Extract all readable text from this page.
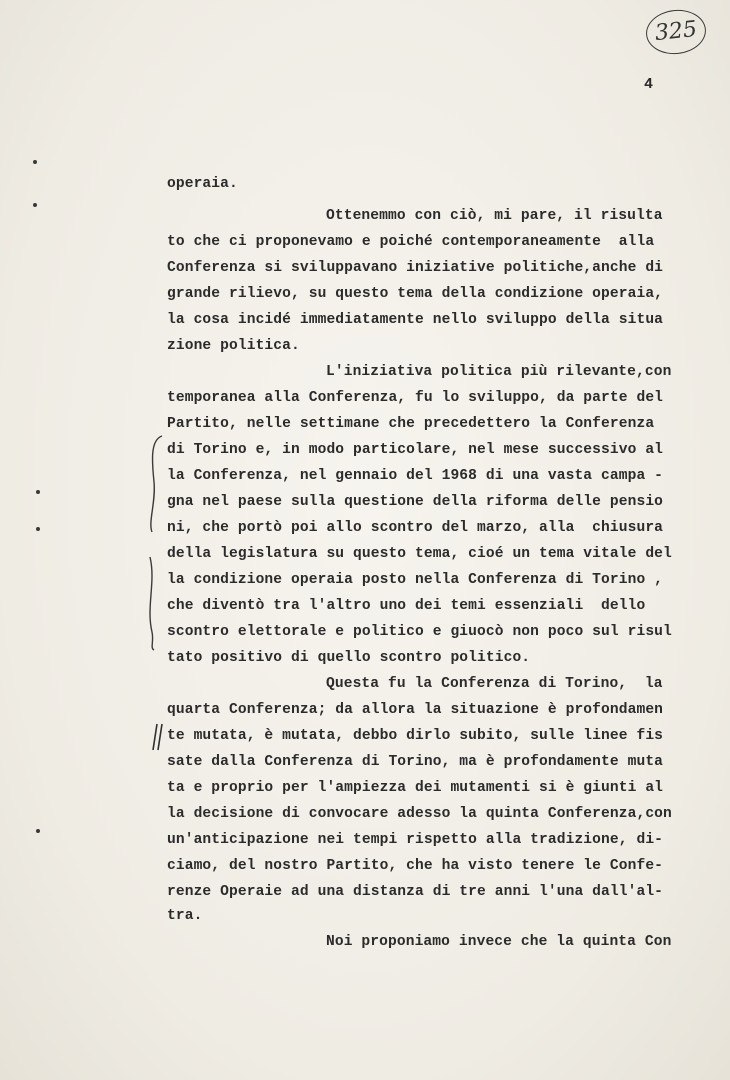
325
4
operaia.
Ottenemmo con ciò, mi pare, il risulta
to che ci proponevamo e poiché contemporaneamente  alla
Conferenza si sviluppavano iniziative politiche,anche di
grande rilievo, su questo tema della condizione operaia,
la cosa incidé immediatamente nello sviluppo della situa
zione politica.
L'iniziativa politica più rilevante,con
temporanea alla Conferenza, fu lo sviluppo, da parte del
Partito, nelle settimane che precedettero la Conferenza
di Torino e, in modo particolare, nel mese successivo al
la Conferenza, nel gennaio del 1968 di una vasta campa -
gna nel paese sulla questione della riforma delle pensio
ni, che portò poi allo scontro del marzo, alla  chiusura
della legislatura su questo tema, cioé un tema vitale del
la condizione operaia posto nella Conferenza di Torino ,
che diventò tra l'altro uno dei temi essenziali  dello
scontro elettorale e politico e giuocò non poco sul risul
tato positivo di quello scontro politico.
Questa fu la Conferenza di Torino,  la
quarta Conferenza; da allora la situazione è profondamen
te mutata, è mutata, debbo dirlo subito, sulle linee fis
sate dalla Conferenza di Torino, ma è profondamente muta
ta e proprio per l'ampiezza dei mutamenti si è giunti al
la decisione di convocare adesso la quinta Conferenza,con
un'anticipazione nei tempi rispetto alla tradizione, di-
ciamo, del nostro Partito, che ha visto tenere le Confe-
renze Operaie ad una distanza di tre anni l'una dall'al-
tra.
Noi proponiamo invece che la quinta Con
